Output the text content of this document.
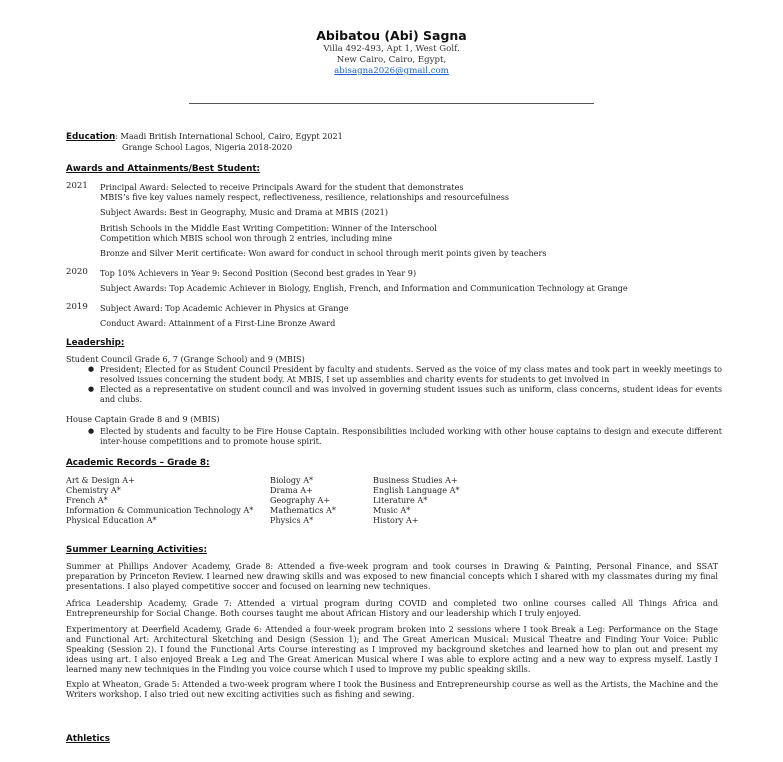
Abibatou (Abi) Sagna
Villa 492-493, Apt 1, West Golf.
New Cairo, Cairo, Egypt,
abisagna2026@gmail.com
Education: Maadi British International School, Cairo, Egypt 2021
Grange School Lagos, Nigeria 2018-2020
Awards and Attainments/Best Student:
2021 Principal Award: Selected to receive Principals Award for the student that demonstrates
MBIS’s five key values namely respect, reflectiveness, resilience, relationships and resourcefulness
Subject Awards: Best in Geography, Music and Drama at MBIS (2021)
British Schools in the Middle East Writing Competition: Winner of the Interschool
Competition which MBIS school won through 2 entries, including mine
Bronze and Silver Merit certificate: Won award for conduct in school through merit points given by teachers
2020 Top 10% Achievers in Year 9: Second Position (Second best grades in Year 9)
Subject Awards: Top Academic Achiever in Biology, English, French, and Information and Communication Technology at Grange
2019 Subject Award: Top Academic Achiever in Physics at Grange
Conduct Award: Attainment of a First-Line Bronze Award
Leadership:
Student Council Grade 6, 7 (Grange School) and 9 (MBIS)
● President; Elected for as Student Council President by faculty and students. Served as the voice of my class mates and took part in weekly meetings to resolved issues concerning the student body. At MBIS, I set up assemblies and charity events for students to get involved in
● Elected as a representative on student council and was involved in governing student issues such as uniform, class concerns, student ideas for events and clubs.
House Captain Grade 8 and 9 (MBIS)
● Elected by students and faculty to be Fire House Captain. Responsibilities included working with other house captains to design and execute different inter-house competitions and to promote house spirit.
Academic Records – Grade 8:
Art & Design A+
Chemistry A*
French A*
Information & Communication Technology A*
Physical Education A*
Biology A*
Drama A+
Geography A+
Mathematics A*
Physics A*
Business Studies A+
English Language A*
Literature A*
Music A*
History A+
Summer Learning Activities:
Summer at Phillips Andover Academy, Grade 8: Attended a five-week program and took courses in Drawing & Painting, Personal Finance, and SSAT preparation by Princeton Review. I learned new drawing skills and was exposed to new financial concepts which I shared with my classmates during my final presentations. I also played competitive soccer and focused on learning new techniques.
Africa Leadership Academy, Grade 7: Attended a virtual program during COVID and completed two online courses called All Things Africa and Entrepreneurship for Social Change. Both courses taught me about African History and our leadership which I truly enjoyed.
Experimentory at Deerfield Academy, Grade 6: Attended a four-week program broken into 2 sessions where I took Break a Leg: Performance on the Stage and Functional Art: Architectural Sketching and Design (Session 1); and The Great American Musical: Musical Theatre and Finding Your Voice: Public Speaking (Session 2). I found the Functional Arts Course interesting as I improved my background sketches and learned how to plan out and present my ideas using art. I also enjoyed Break a Leg and The Great American Musical where I was able to explore acting and a new way to express myself. Lastly I learned many new techniques in the Finding you voice course which I used to improve my public speaking skills.
Explo at Wheaton, Grade 5: Attended a two-week program where I took the Business and Entrepreneurship course as well as the Artists, the Machine and the Writers workshop. I also tried out new exciting activities such as fishing and sewing.
Athletics
